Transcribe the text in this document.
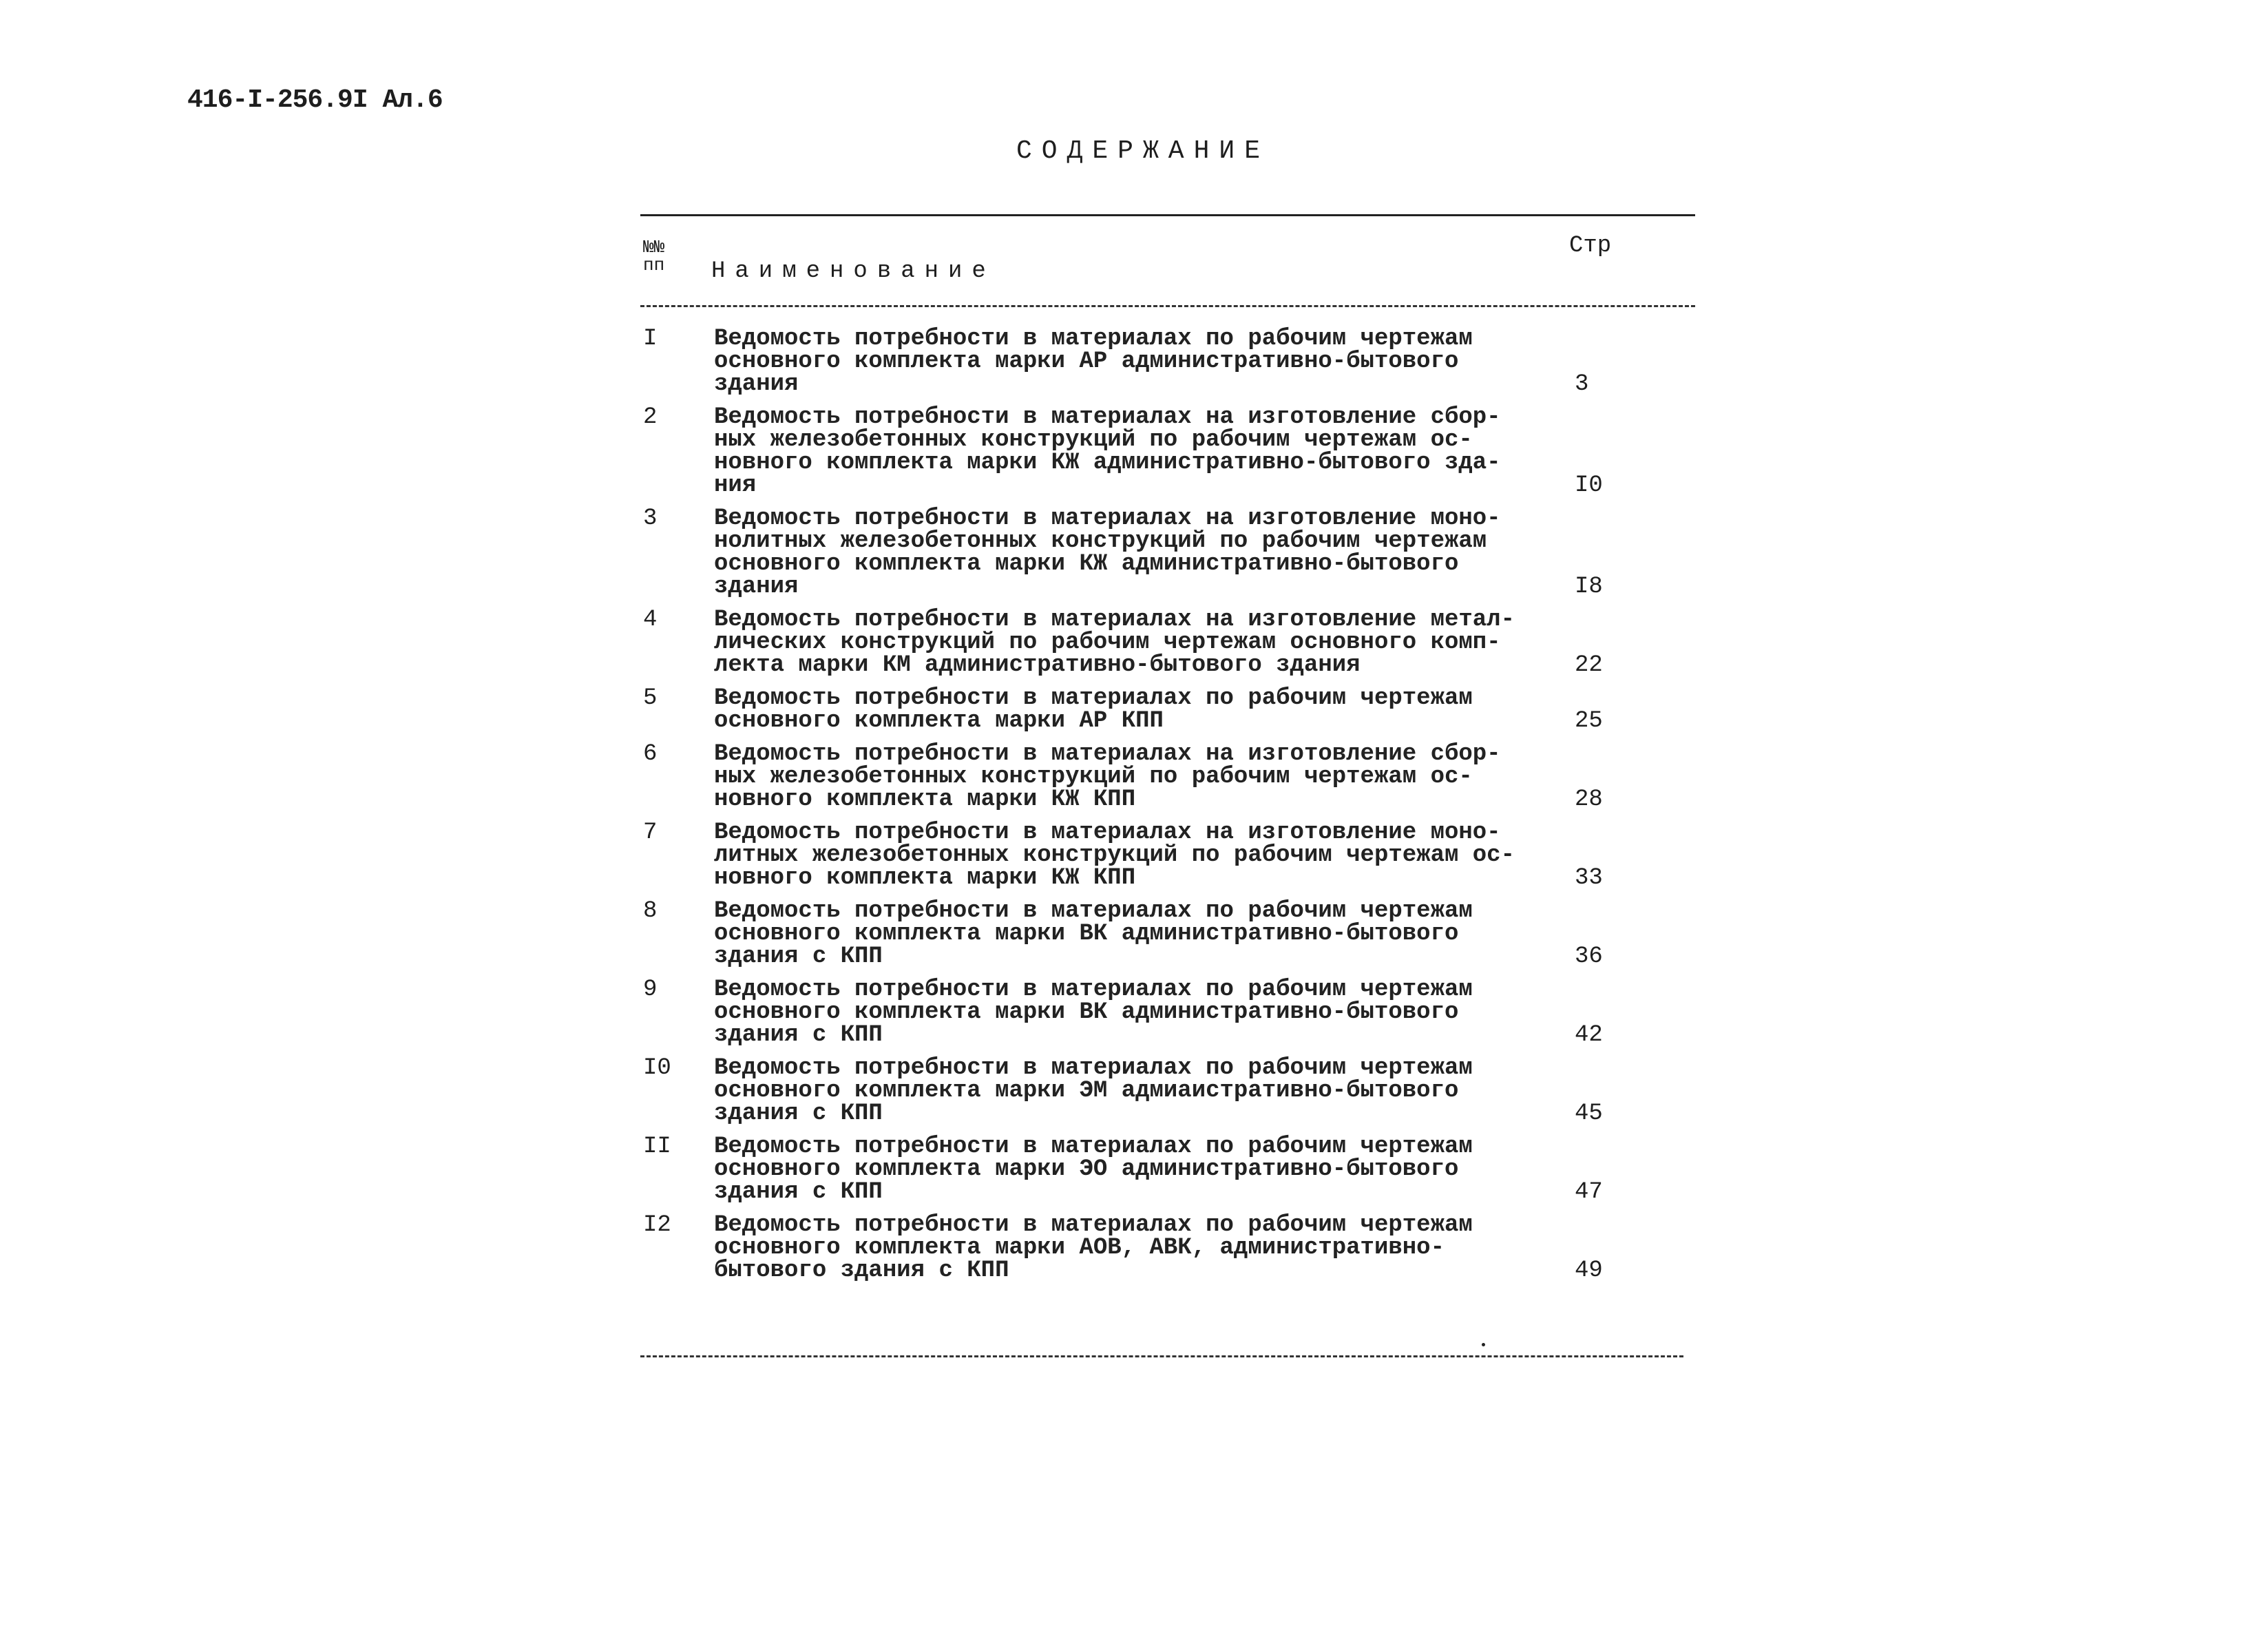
416-I-256.9I Ал.6
СОДЕРЖАНИЕ
№№ пп	Наименование
Стр
I	Ведомость потребности в материалах по рабочим чертежам
основного комплекта марки АР административно-бытового
здания	3
2	Ведомость потребности в материалах на изготовление сбор-
ных железобетонных конструкций по рабочим чертежам ос-
новного комплекта марки КЖ административно-бытового зда-
ния	I0
3	Ведомость потребности в материалах на изготовление моно-
нолитных железобетонных конструкций по рабочим чертежам
основного комплекта марки КЖ административно-бытового
здания	I8
4	Ведомость потребности в материалах на изготовление метал-
лических конструкций по рабочим чертежам основного комп-
лекта марки КМ административно-бытового здания	22
5	Ведомость потребности в материалах по рабочим чертежам
основного комплекта марки АР КПП	25
6	Ведомость потребности в материалах на изготовление сбор-
ных железобетонных конструкций по рабочим чертежам ос-
новного комплекта марки КЖ КПП	28
7	Ведомость потребности в материалах на изготовление моно-
литных железобетонных конструкций по рабочим чертежам ос-
новного комплекта марки КЖ КПП	33
8	Ведомость потребности в материалах по рабочим чертежам
основного комплекта марки ВК административно-бытового
здания с КПП	36
9	Ведомость потребности в материалах по рабочим чертежам
основного комплекта марки ВК административно-бытового
здания с КПП	42
I0	Ведомость потребности в материалах по рабочим чертежам
основного комплекта марки ЭМ адмиаистративно-бытового
здания с КПП	45
II	Ведомость потребности в материалах по рабочим чертежам
основного комплекта марки ЭО административно-бытового
здания с КПП	47
I2	Ведомость потребности в материалах по рабочим чертежам
основного комплекта марки АОВ, АВК, административно-
бытового здания с КПП	49
